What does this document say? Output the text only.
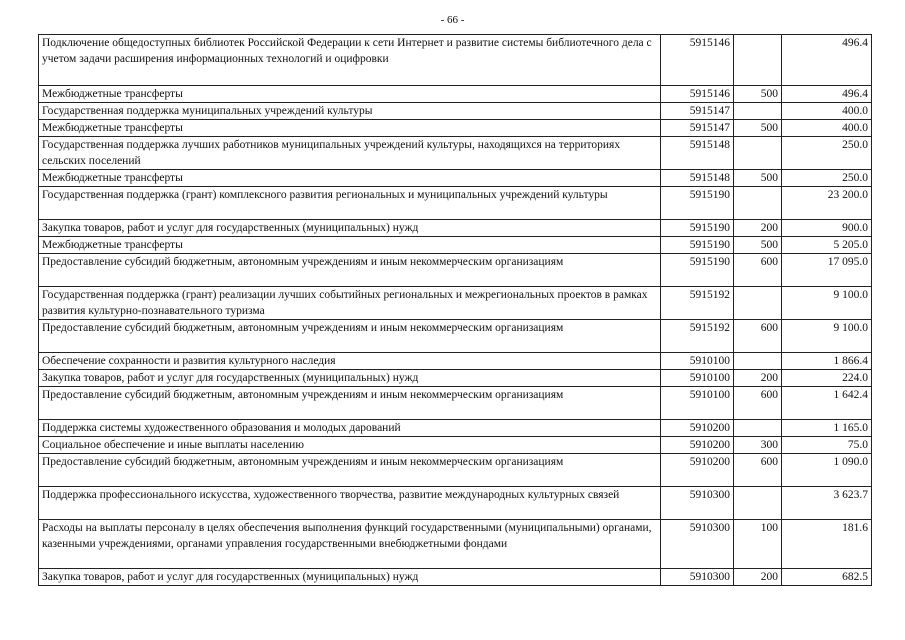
- 66 -
Подключение общедоступных библиотек Российской Федерации к сети Интернет и развитие системы библиотечного дела с учетом задачи расширения информационных технологий и оцифровки	5915146		496.4
Межбюджетные трансферты	5915146	500	496.4
Государственная поддержка муниципальных учреждений культуры	5915147		400.0
Межбюджетные трансферты	5915147	500	400.0
Государственная поддержка лучших работников муниципальных учреждений культуры, находящихся на территориях сельских поселений	5915148		250.0
Межбюджетные трансферты	5915148	500	250.0
Государственная поддержка (грант) комплексного развития региональных и муниципальных учреждений культуры	5915190		23 200.0
Закупка товаров, работ и услуг для государственных (муниципальных) нужд	5915190	200	900.0
Межбюджетные трансферты	5915190	500	5 205.0
Предоставление субсидий бюджетным, автономным учреждениям и иным некоммерческим организациям	5915190	600	17 095.0
Государственная поддержка (грант) реализации лучших событийных региональных и межрегиональных проектов в рамках развития культурно-познавательного туризма	5915192		9 100.0
Предоставление субсидий бюджетным, автономным учреждениям и иным некоммерческим организациям	5915192	600	9 100.0
Обеспечение сохранности и развития культурного наследия	5910100		1 866.4
Закупка товаров, работ и услуг для государственных (муниципальных) нужд	5910100	200	224.0
Предоставление субсидий бюджетным, автономным учреждениям и иным некоммерческим организациям	5910100	600	1 642.4
Поддержка системы художественного образования и молодых дарований	5910200		1 165.0
Социальное обеспечение и иные выплаты населению	5910200	300	75.0
Предоставление субсидий бюджетным, автономным учреждениям и иным некоммерческим организациям	5910200	600	1 090.0
Поддержка профессионального искусства, художественного творчества, развитие международных культурных связей	5910300		3 623.7
Расходы на выплаты персоналу в целях обеспечения выполнения функций государственными (муниципальными) органами, казенными учреждениями, органами управления государственными внебюджетными фондами	5910300	100	181.6
Закупка товаров, работ и услуг для государственных (муниципальных) нужд	5910300	200	682.5
